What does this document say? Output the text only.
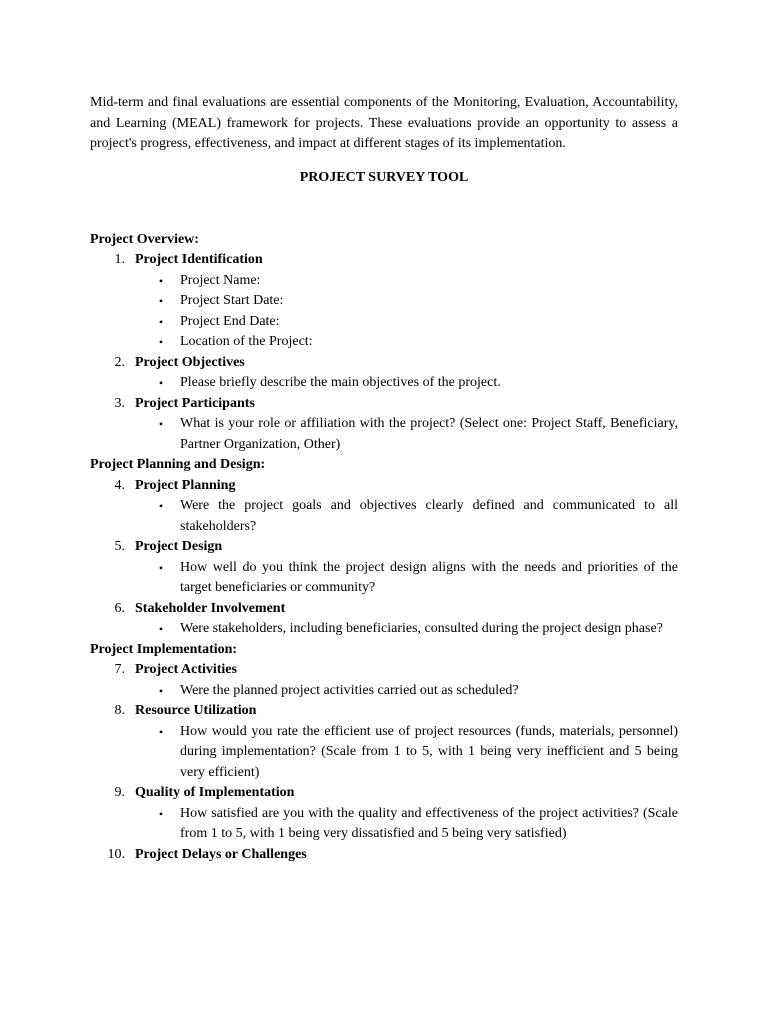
Mid-term and final evaluations are essential components of the Monitoring, Evaluation, Accountability, and Learning (MEAL) framework for projects. These evaluations provide an opportunity to assess a project's progress, effectiveness, and impact at different stages of its implementation.

PROJECT SURVEY TOOL
Project Overview:
1. Project Identification
• Project Name:
• Project Start Date:
• Project End Date:
• Location of the Project:
2. Project Objectives
• Please briefly describe the main objectives of the project.
3. Project Participants
• What is your role or affiliation with the project? (Select one: Project Staff, Beneficiary, Partner Organization, Other)
Project Planning and Design:
4. Project Planning
• Were the project goals and objectives clearly defined and communicated to all stakeholders?
5. Project Design
• How well do you think the project design aligns with the needs and priorities of the target beneficiaries or community?
6. Stakeholder Involvement
• Were stakeholders, including beneficiaries, consulted during the project design phase?
Project Implementation:
7. Project Activities
• Were the planned project activities carried out as scheduled?
8. Resource Utilization
• How would you rate the efficient use of project resources (funds, materials, personnel) during implementation? (Scale from 1 to 5, with 1 being very inefficient and 5 being very efficient)
9. Quality of Implementation
• How satisfied are you with the quality and effectiveness of the project activities? (Scale from 1 to 5, with 1 being very dissatisfied and 5 being very satisfied)
10. Project Delays or Challenges
